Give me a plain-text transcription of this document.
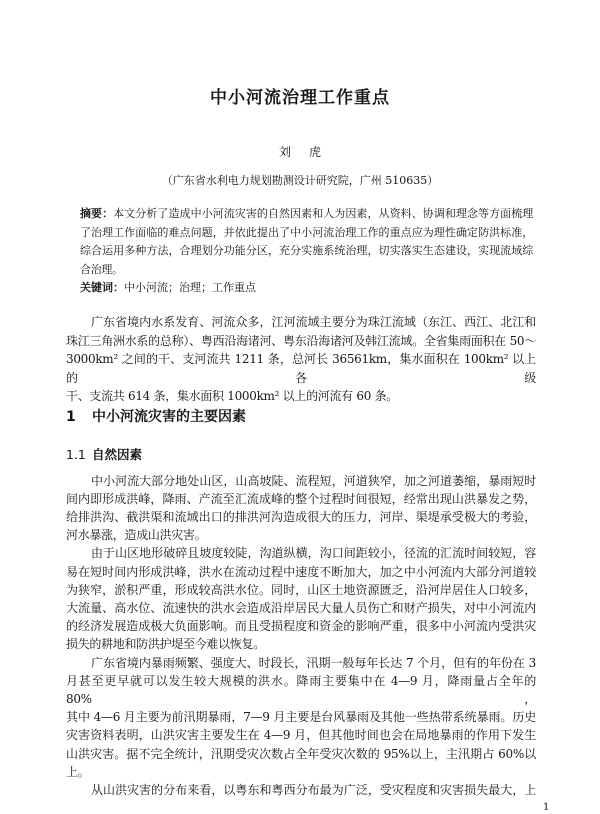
中小河流治理工作重点
刘 虎
（广东省水利电力规划勘测设计研究院，广州 510635）
摘要：本文分析了造成中小河流灾害的自然因素和人为因素，从资料、协调和理念等方面梳理
了治理工作面临的难点问题，并依此提出了中小河流治理工作的重点应为理性确定防洪标准，
综合运用多种方法，合理划分功能分区，充分实施系统治理，切实落实生态建设，实现流域综
合治理。
关键词：中小河流；治理；工作重点
广东省境内水系发育、河流众多，江河流域主要分为珠江流域（东江、西江、北江和
珠江三角洲水系的总称）、粤西沿海诸河、粤东沿海诸河及韩江流域。全省集雨面积在 50～
3000km² 之间的干、支河流共 1211 条，总河长 36561km，集水面积在 100km² 以上的各级
干、支流共 614 条，集水面积 1000km² 以上的河流有 60 条。
1 中小河流灾害的主要因素
1.1 自然因素
中小河流大部分地处山区，山高坡陡、流程短，河道狭窄，加之河道萎缩，暴雨短时
间内即形成洪峰，降雨、产流至汇流成峰的整个过程时间很短，经常出现山洪暴发之势，
给排洪沟、截洪渠和流域出口的排洪河沟造成很大的压力，河岸、渠堤承受极大的考验，
河水暴涨，造成山洪灾害。
由于山区地形破碎且坡度较陡，沟道纵横，沟口间距较小，径流的汇流时间较短，容
易在短时间内形成洪峰，洪水在流动过程中速度不断加大，加之中小河流内大部分河道较
为狭窄，淤积严重，形成较高洪水位。同时，山区土地资源匮乏，沿河岸居住人口较多，
大流量、高水位、流速快的洪水会造成沿岸居民大量人员伤亡和财产损失，对中小河流内
的经济发展造成极大负面影响。而且受损程度和资金的影响严重，很多中小河流内受洪灾
损失的耕地和防洪护堤至今难以恢复。
广东省境内暴雨频繁、强度大、时段长，汛期一般每年长达 7 个月，但有的年份在 3
月甚至更早就可以发生较大规模的洪水。降雨主要集中在 4—9 月，降雨量占全年的 80%，
其中 4—6 月主要为前汛期暴雨，7—9 月主要是台风暴雨及其他一些热带系统暴雨。历史
灾害资料表明，山洪灾害主要发生在 4—9 月，但其他时间也会在局地暴雨的作用下发生
山洪灾害。据不完全统计，汛期受灾次数占全年受灾次数的 95%以上，主汛期占 60%以上。
从山洪灾害的分布来看，以粤东和粤西分布最为广泛，受灾程度和灾害损失最大，上
1
